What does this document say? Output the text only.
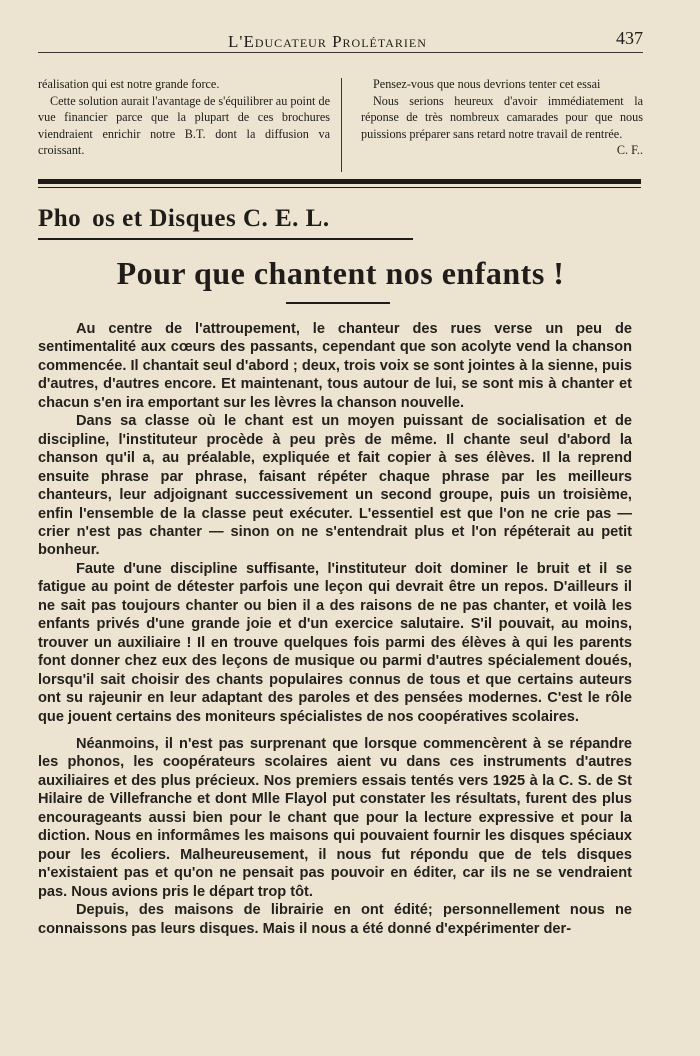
L'Educateur Prolétarien	437

réalisation qui est notre grande force.

Cette solution aurait l'avantage de s'équilibrer au point de vue financier parce que la plupart de ces brochures viendraient enrichir notre B.T. dont la diffusion va croissant.

Pensez-vous que nous devrions tenter cet essai

Nous serions heureux d'avoir immédiatement la réponse de très nombreux camarades pour que nous puissions préparer sans retard notre travail de rentrée.
C. F..

Pho  os et Disques C. E. L.
Pour que chantent nos enfants !

Au centre de l'attroupement, le chanteur des rues verse un peu de sentimentalité aux cœurs des passants, cependant que son acolyte vend la chanson commencée. Il chantait seul d'abord ; deux, trois voix se sont jointes à la sienne, puis d'autres, d'autres encore. Et maintenant, tous autour de lui, se sont mis à chanter et chacun s'en ira emportant sur les lèvres la chanson nouvelle.

Dans sa classe où le chant est un moyen puissant de socialisation et de discipline, l'instituteur procède à peu près de même. Il chante seul d'abord la chanson qu'il a, au préalable, expliquée et fait copier à ses élèves. Il la reprend ensuite phrase par phrase, faisant répéter chaque phrase par les meilleurs chanteurs, leur adjoignant successivement un second groupe, puis un troisième, enfin l'ensemble de la classe peut exécuter. L'essentiel est que l'on ne crie pas — crier n'est pas chanter — sinon on ne s'entendrait plus et l'on répéterait au petit bonheur.

Faute d'une discipline suffisante, l'instituteur doit dominer le bruit et il se fatigue au point de détester parfois une leçon qui devrait être un repos. D'ailleurs il ne sait pas toujours chanter ou bien il a des raisons de ne pas chanter, et voilà les enfants privés d'une grande joie et d'un exercice salutaire. S'il pouvait, au moins, trouver un auxiliaire ! Il en trouve quelques fois parmi des élèves à qui les parents font donner chez eux des leçons de musique ou parmi d'autres spécialement doués, lorsqu'il sait choisir des chants populaires connus de tous et que certains auteurs ont su rajeunir en leur adaptant des paroles et des pensées modernes. C'est le rôle que jouent certains des moniteurs spécialistes de nos coopératives scolaires.

Néanmoins, il n'est pas surprenant que lorsque commencèrent à se répandre les phonos, les coopérateurs scolaires aient vu dans ces instruments d'autres auxiliaires et des plus précieux. Nos premiers essais tentés vers 1925 à la C. S. de St Hilaire de Villefranche et dont Mlle Flayol put constater les résultats, furent des plus encourageants aussi bien pour le chant que pour la lecture expressive et pour la diction. Nous en informâmes les maisons qui pouvaient fournir les disques spéciaux pour les écoliers. Malheureusement, il nous fut répondu que de tels disques n'existaient pas et qu'on ne pensait pas pouvoir en éditer, car ils ne se vendraient pas. Nous avions pris le départ trop tôt.

Depuis, des maisons de librairie en ont édité; personnellement nous ne connaissons pas leurs disques. Mais il nous a été donné d'expérimenter der-
